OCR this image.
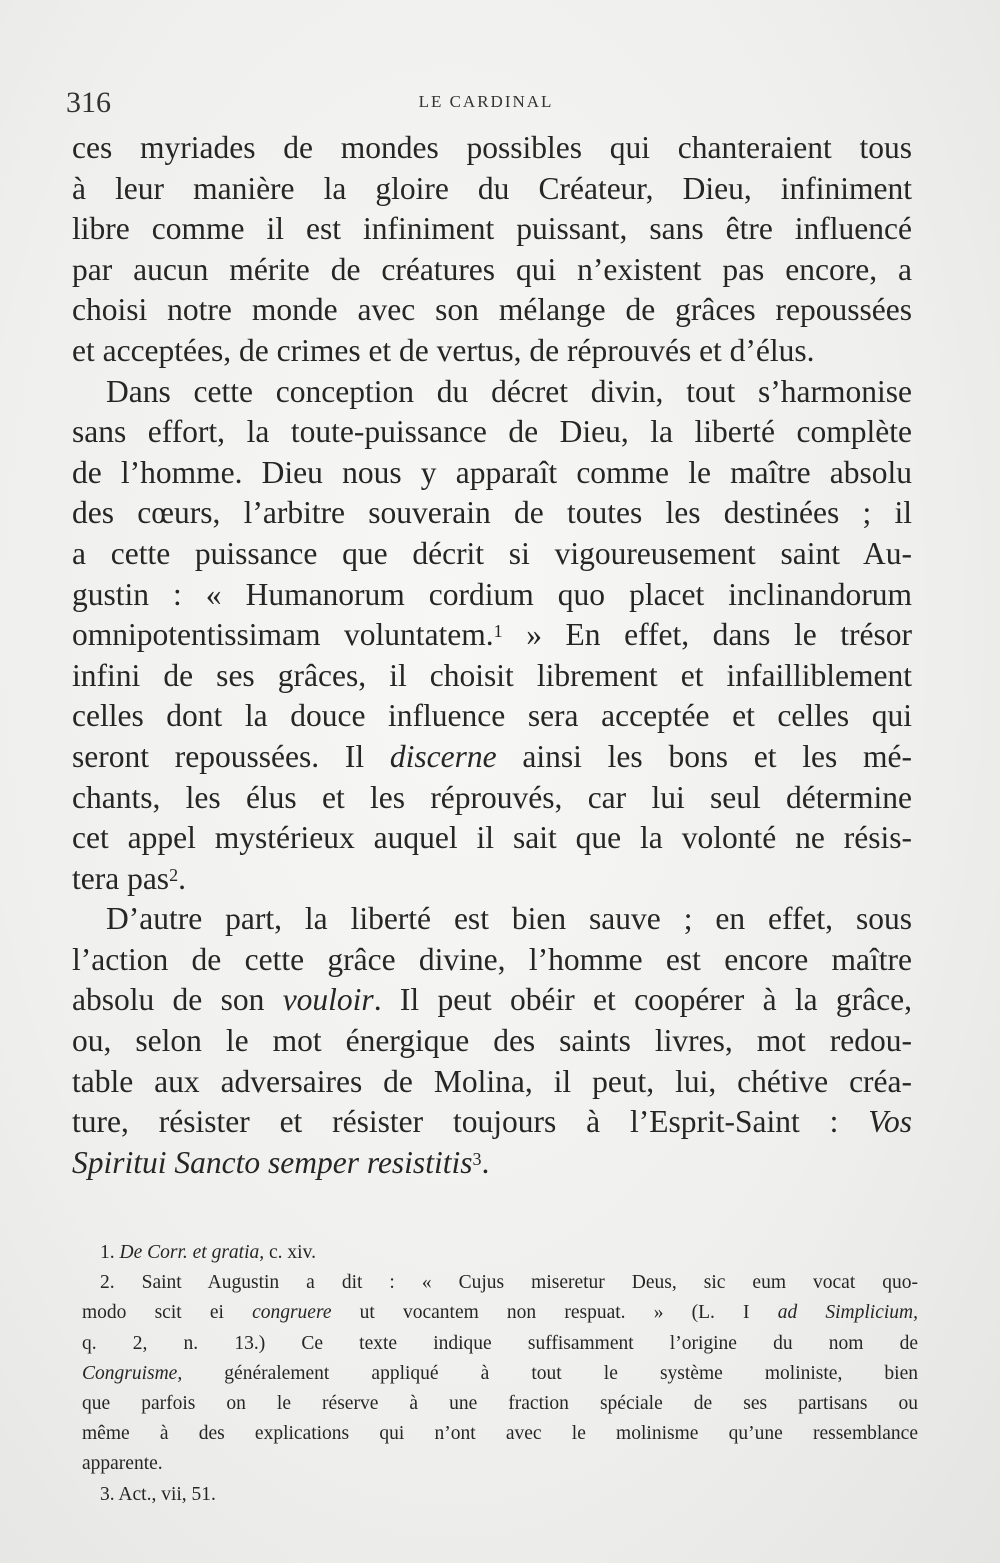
316	LE CARDINAL
ces myriades de mondes possibles qui chanteraient tous
à leur manière la gloire du Créateur, Dieu, infiniment
libre comme il est infiniment puissant, sans être influencé
par aucun mérite de créatures qui n’existent pas encore, a
choisi notre monde avec son mélange de grâces repoussées
et acceptées, de crimes et de vertus, de réprouvés et d’élus.
Dans cette conception du décret divin, tout s’harmonise
sans effort, la toute-puissance de Dieu, la liberté complète
de l’homme. Dieu nous y apparaît comme le maître absolu
des cœurs, l’arbitre souverain de toutes les destinées ; il
a cette puissance que décrit si vigoureusement saint Au-
gustin : « Humanorum cordium quo placet inclinandorum
omnipotentissimam voluntatem.$^1$ » En effet, dans le trésor
infini de ses grâces, il choisit librement et infailliblement
celles dont la douce influence sera acceptée et celles qui
seront repoussées. Il discerne ainsi les bons et les mé-
chants, les élus et les réprouvés, car lui seul détermine
cet appel mystérieux auquel il sait que la volonté ne résis-
tera pas$^2$.
D’autre part, la liberté est bien sauve ; en effet, sous
l’action de cette grâce divine, l’homme est encore maître
absolu de son vouloir. Il peut obéir et coopérer à la grâce,
ou, selon le mot énergique des saints livres, mot redou-
table aux adversaires de Molina, il peut, lui, chétive créa-
ture, résister et résister toujours à l’Esprit-Saint : Vos
Spiritui Sancto semper resistitis$^3$.
1. De Corr. et gratia, c. xiv.
2. Saint Augustin a dit : « Cujus miseretur Deus, sic eum vocat quo-
modo scit ei congruere ut vocantem non respuat. » (L. I ad Simplicium,
q. 2, n. 13.) Ce texte indique suffisamment l’origine du nom de
Congruisme, généralement appliqué à tout le système moliniste, bien
que parfois on le réserve à une fraction spéciale de ses partisans ou
même à des explications qui n’ont avec le molinisme qu’une ressemblance
apparente.
3. Act., vii, 51.
